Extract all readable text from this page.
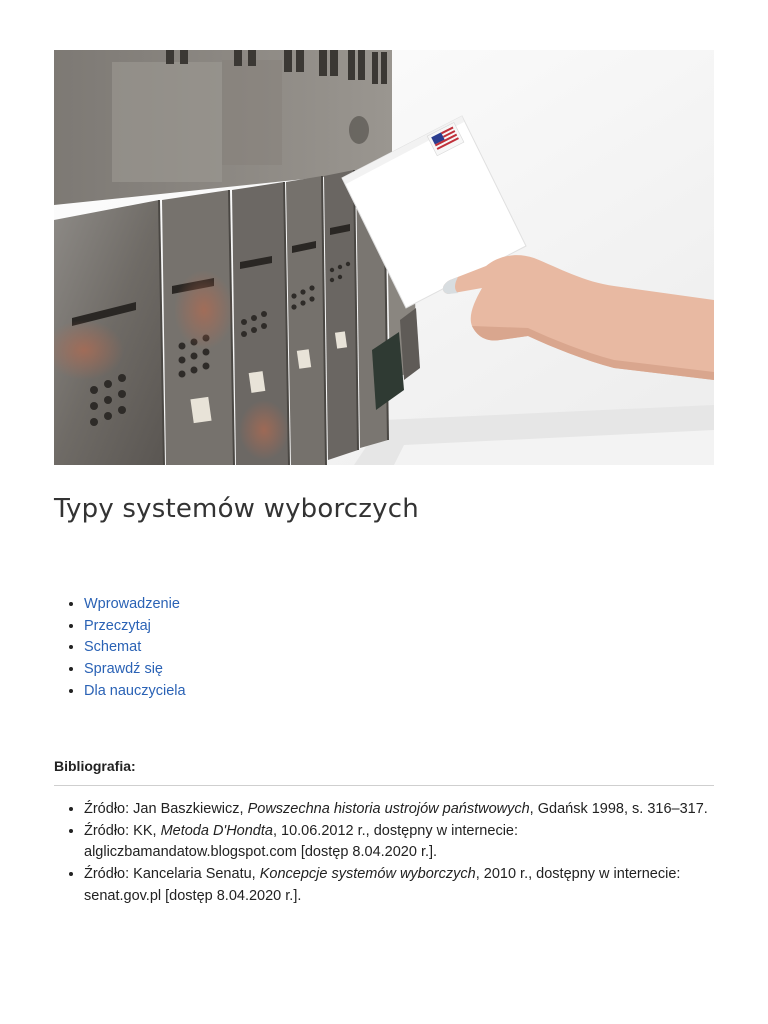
Typy systemów wyborczych
• Wprowadzenie
• Przeczytaj
• Schemat
• Sprawdź się
• Dla nauczyciela

Bibliografia:

• Źródło: Jan Baszkiewicz, Powszechna historia ustrojów państwowych, Gdańsk 1998, s. 316–317.
• Źródło: KK, Metoda D'Hondta, 10.06.2012 r., dostępny w internecie: algliczbamandatow.blogspot.com [dostęp 8.04.2020 r.].
• Źródło: Kancelaria Senatu, Koncepcje systemów wyborczych, 2010 r., dostępny w internecie: senat.gov.pl [dostęp 8.04.2020 r.].
